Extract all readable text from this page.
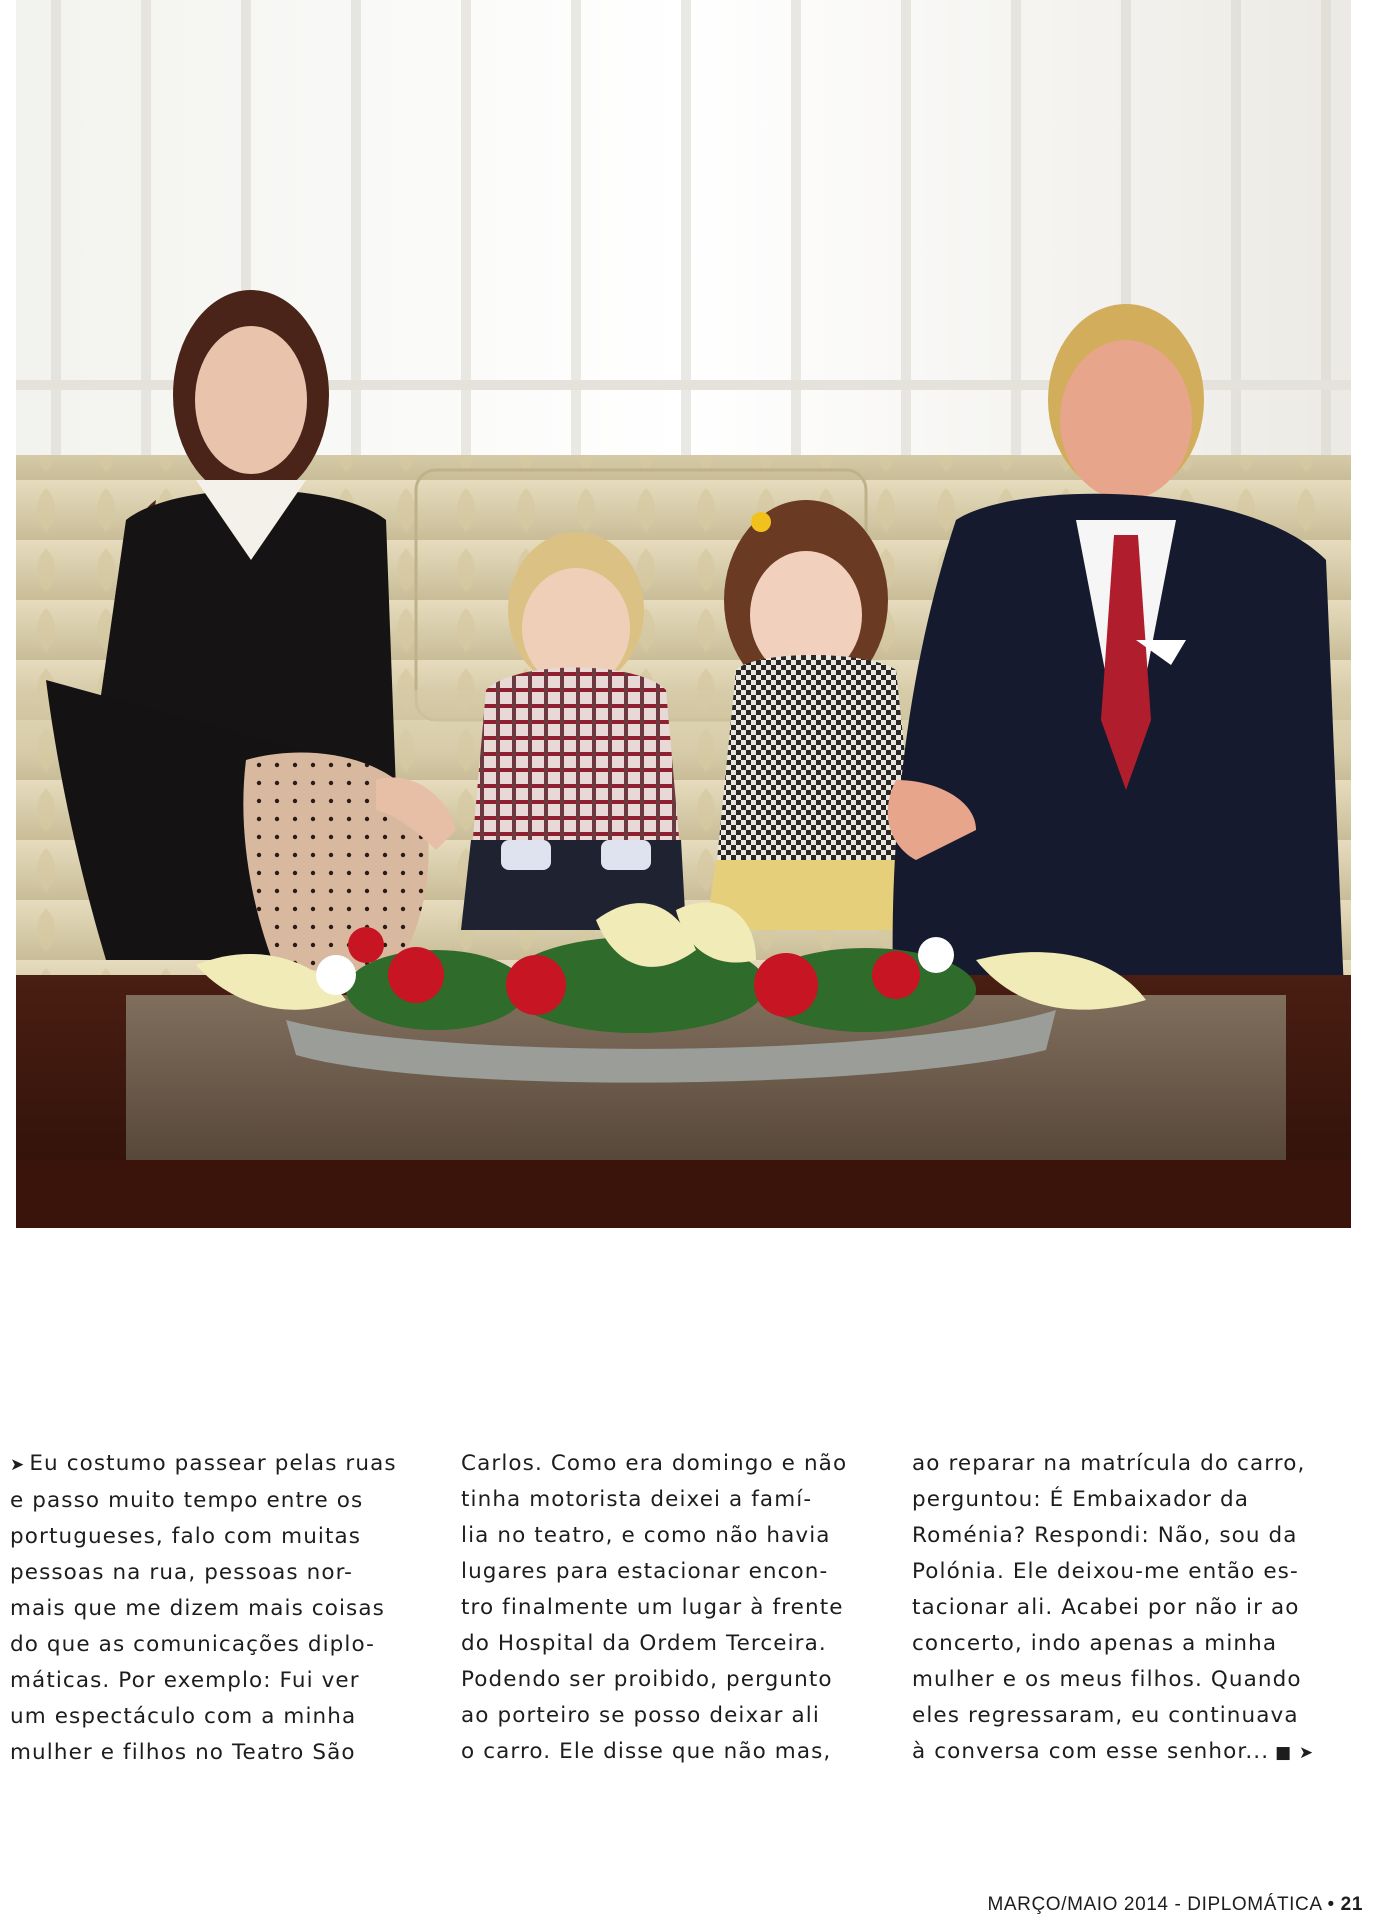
➤ Eu costumo passear pelas ruas
e passo muito tempo entre os
portugueses, falo com muitas
pessoas na rua, pessoas nor-
mais que me dizem mais coisas
do que as comunicações diplo-
máticas. Por exemplo: Fui ver
um espectáculo com a minha
mulher e filhos no Teatro São
Carlos. Como era domingo e não
tinha motorista deixei a famí-
lia no teatro, e como não havia
lugares para estacionar encon-
tro finalmente um lugar à frente
do Hospital da Ordem Terceira.
Podendo ser proibido, pergunto
ao porteiro se posso deixar ali
o carro. Ele disse que não mas,
ao reparar na matrícula do carro,
perguntou: É Embaixador da
Roménia? Respondi: Não, sou da
Polónia. Ele deixou-me então es-
tacionar ali. Acabei por não ir ao
concerto, indo apenas a minha
mulher e os meus filhos. Quando
eles regressaram, eu continuava
à conversa com esse senhor... ■ ➤
MARÇO/MAIO 2014 - DIPLOMÁTICA • 21
